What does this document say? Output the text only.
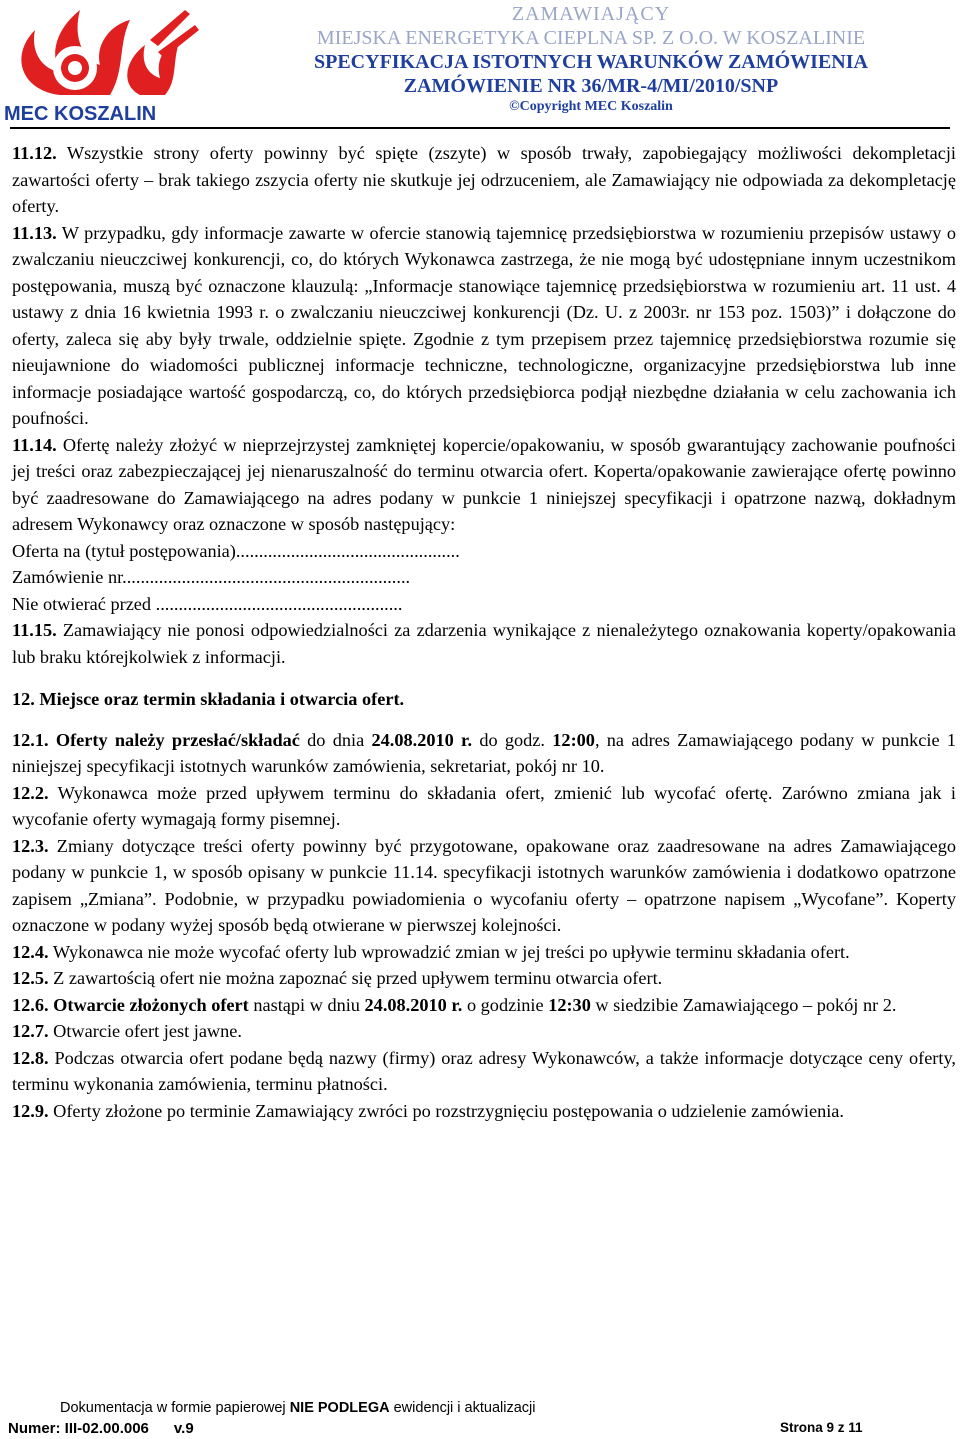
MEC KOSZALIN
ZAMAWIAJĄCY
MIEJSKA ENERGETYKA CIEPLNA SP. Z O.O. W KOSZALINIE
SPECYFIKACJA ISTOTNYCH WARUNKÓW ZAMÓWIENIA
ZAMÓWIENIE NR 36/MR-4/MI/2010/SNP
©Copyright MEC Koszalin

11.12. Wszystkie strony oferty powinny być spięte (zszyte) w sposób trwały, zapobiegający możliwości dekompletacji zawartości oferty – brak takiego zszycia oferty nie skutkuje jej odrzuceniem, ale Zamawiający nie odpowiada za dekompletację oferty.

11.13. W przypadku, gdy informacje zawarte w ofercie stanowią tajemnicę przedsiębiorstwa w rozumieniu przepisów ustawy o zwalczaniu nieuczciwej konkurencji, co, do których Wykonawca zastrzega, że nie mogą być udostępniane innym uczestnikom postępowania, muszą być oznaczone klauzulą: „Informacje stanowiące tajemnicę przedsiębiorstwa w rozumieniu art. 11 ust. 4 ustawy z dnia 16 kwietnia 1993 r. o zwalczaniu nieuczciwej konkurencji (Dz. U. z 2003r. nr 153 poz. 1503)” i dołączone do oferty, zaleca się aby były trwale, oddzielnie spięte. Zgodnie z tym przepisem przez tajemnicę przedsiębiorstwa rozumie się nieujawnione do wiadomości publicznej informacje techniczne, technologiczne, organizacyjne przedsiębiorstwa lub inne informacje posiadające wartość gospodarczą, co, do których przedsiębiorca podjął niezbędne działania w celu zachowania ich poufności.

11.14. Ofertę należy złożyć w nieprzejrzystej zamkniętej kopercie/opakowaniu, w sposób gwarantujący zachowanie poufności jej treści oraz zabezpieczającej jej nienaruszalność do terminu otwarcia ofert. Koperta/opakowanie zawierające ofertę powinno być zaadresowane do Zamawiającego na adres podany w punkcie 1 niniejszej specyfikacji i opatrzone nazwą, dokładnym adresem Wykonawcy oraz oznaczone w sposób następujący:

Oferta na (tytuł postępowania).................................................

Zamówienie nr...............................................................

Nie otwierać przed ......................................................

11.15. Zamawiający nie ponosi odpowiedzialności za zdarzenia wynikające z nienależytego oznakowania koperty/opakowania lub braku którejkolwiek z informacji.

12. Miejsce oraz termin składania i otwarcia ofert.

12.1. Oferty należy przesłać/składać do dnia 24.08.2010 r. do godz. 12:00, na adres Zamawiającego podany w punkcie 1 niniejszej specyfikacji istotnych warunków zamówienia, sekretariat, pokój nr 10.

12.2. Wykonawca może przed upływem terminu do składania ofert, zmienić lub wycofać ofertę. Zarówno zmiana jak i wycofanie oferty wymagają formy pisemnej.

12.3. Zmiany dotyczące treści oferty powinny być przygotowane, opakowane oraz zaadresowane na adres Zamawiającego podany w punkcie 1, w sposób opisany w punkcie 11.14. specyfikacji istotnych warunków zamówienia i dodatkowo opatrzone zapisem „Zmiana”. Podobnie, w przypadku powiadomienia o wycofaniu oferty – opatrzone napisem „Wycofane”. Koperty oznaczone w podany wyżej sposób będą otwierane w pierwszej kolejności.

12.4. Wykonawca nie może wycofać oferty lub wprowadzić zmian w jej treści po upływie terminu składania ofert.

12.5. Z zawartością ofert nie można zapoznać się przed upływem terminu otwarcia ofert.

12.6. Otwarcie złożonych ofert nastąpi w dniu 24.08.2010 r. o godzinie 12:30 w siedzibie Zamawiającego – pokój nr 2.

12.7. Otwarcie ofert jest jawne.

12.8. Podczas otwarcia ofert podane będą nazwy (firmy) oraz adresy Wykonawców, a także informacje dotyczące ceny oferty, terminu wykonania zamówienia, terminu płatności.

12.9. Oferty złożone po terminie Zamawiający zwróci po rozstrzygnięciu postępowania o udzielenie zamówienia.

Dokumentacja w formie papierowej NIE PODLEGA ewidencji i aktualizacji
Numer: III-02.00.006 v.9	Strona 9 z 11
